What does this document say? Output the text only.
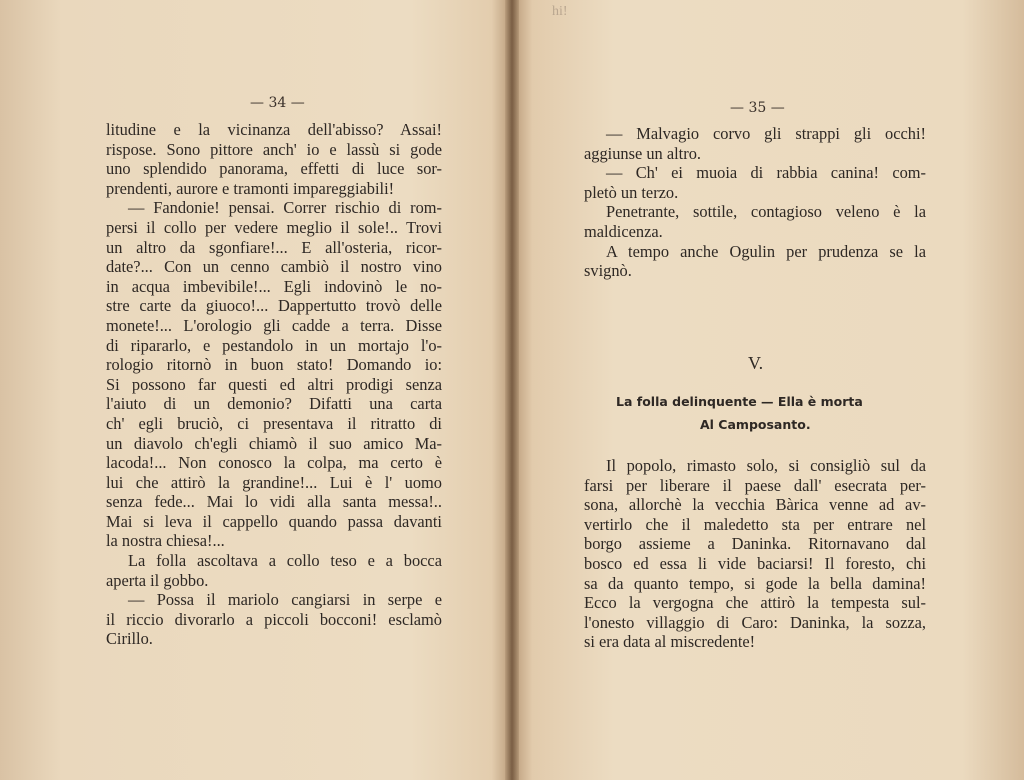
— 34 —

litudine e la vicinanza dell'abisso? Assai!

rispose. Sono pittore anch' io e lassù si gode

uno splendido panorama, effetti di luce sor-

prendenti, aurore e tramonti impareggiabili!

— Fandonie! pensai. Correr rischio di rom-

persi il collo per vedere meglio il sole!.. Trovi

un altro da sgonfiare!... E all'osteria, ricor-

date?... Con un cenno cambiò il nostro vino

in acqua imbevibile!... Egli indovinò le no-

stre carte da giuoco!... Dappertutto trovò delle

monete!... L'orologio gli cadde a terra. Disse

di ripararlo, e pestandolo in un mortajo l'o-

rologio ritornò in buon stato! Domando io:

Si possono far questi ed altri prodigi senza

l'aiuto di un demonio? Difatti una carta

ch' egli bruciò, ci presentava il ritratto di

un diavolo ch'egli chiamò il suo amico Ma-

lacoda!... Non conosco la colpa, ma certo è

lui che attirò la grandine!... Lui è l' uomo

senza fede... Mai lo vidi alla santa messa!..

Mai si leva il cappello quando passa davanti

la nostra chiesa!...

La folla ascoltava a collo teso e a bocca

aperta il gobbo.

— Possa il mariolo cangiarsi in serpe e

il riccio divorarlo a piccoli bocconi! esclamò

Cirillo.

hi!
— 35 —

— Malvagio corvo gli strappi gli occhi!

aggiunse un altro.

— Ch' ei muoia di rabbia canina! com-

pletò un terzo.

Penetrante, sottile, contagioso veleno è la

maldicenza.

A tempo anche Ogulin per prudenza se la

svignò.

V.
La folla delinquente — Ella è morta
Al Camposanto.

Il popolo, rimasto solo, si consigliò sul da

farsi per liberare il paese dall' esecrata per-

sona, allorchè la vecchia Bàrica venne ad av-

vertirlo che il maledetto sta per entrare nel

borgo assieme a Daninka. Ritornavano dal

bosco ed essa li vide baciarsi! Il foresto, chi

sa da quanto tempo, si gode la bella damina!

Ecco la vergogna che attirò la tempesta sul-

l'onesto villaggio di Caro: Daninka, la sozza,

si era data al miscredente!
